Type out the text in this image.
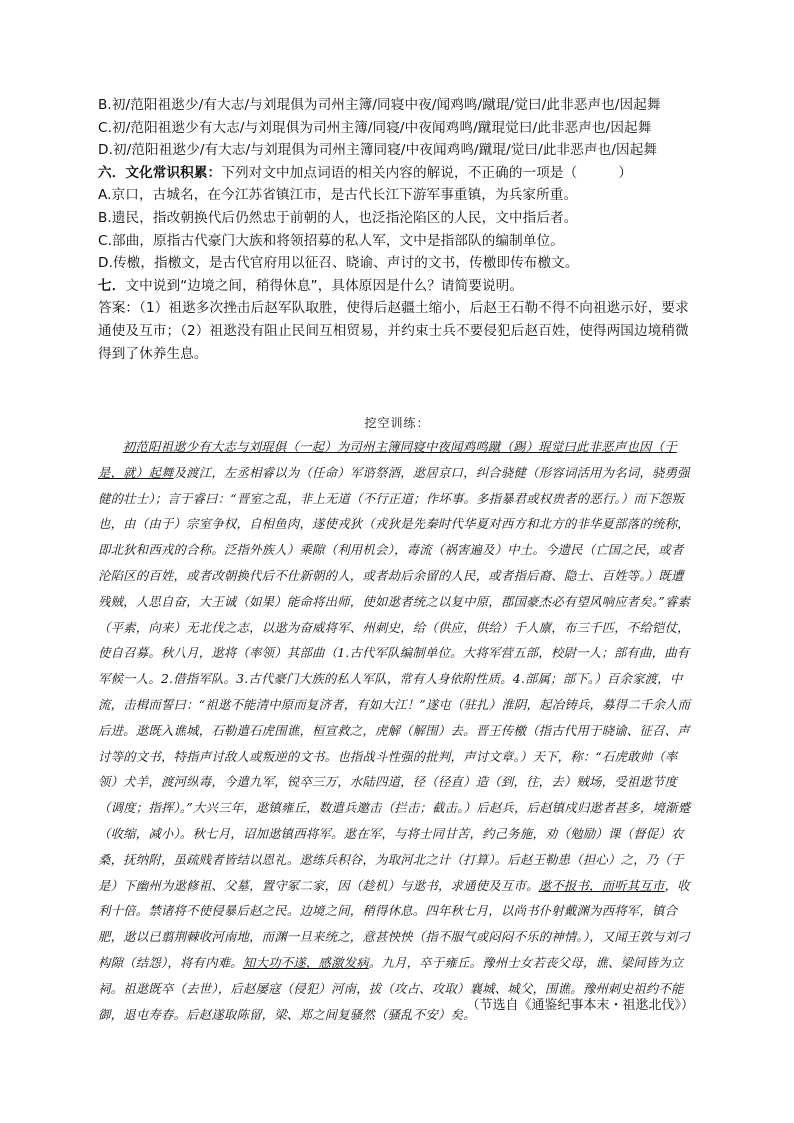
B.初/范阳祖逖少/有大志/与刘琨俱为司州主簿/同寝中夜/闻鸡鸣/蹴琨/觉曰/此非恶声也/因起舞

C.初/范阳祖逖少有大志/与刘琨俱为司州主簿/同寝/中夜闻鸡鸣/蹴琨觉曰/此非恶声也/因起舞

D.初/范阳祖逖少/有大志/与刘琨俱为司州主簿同寝/中夜闻鸡鸣/蹴琨/觉曰/此非恶声也/因起舞

六．文化常识积累：下列对文中加点词语的相关内容的解说，不正确的一项是（　　　）

A.京口，古城名，在今江苏省镇江市，是古代长江下游军事重镇，为兵家所重。

B.遗民，指改朝换代后仍然忠于前朝的人，也泛指沦陷区的人民，文中指后者。

C.部曲，原指古代豪门大族和将领招募的私人军，文中是指部队的编制单位。

D.传檄，指檄文，是古代官府用以征召、晓谕、声讨的文书，传檄即传布檄文。

七．文中说到“边境之间，稍得休息”，具体原因是什么？请简要说明。

答案：（1）祖逖多次挫击后赵军队取胜，使得后赵疆土缩小，后赵王石勒不得不向祖逖示好，要求通使及互市；（2）祖逖没有阻止民间互相贸易，并约束士兵不要侵犯后赵百姓，使得两国边境稍微得到了休养生息。

挖空训练：

初范阳祖逖少有大志与刘琨俱（一起）为司州主簿同寝中夜闻鸡鸣蹴（踢）琨觉曰此非恶声也因（于是，就）起舞及渡江，左丞相睿以为（任命）军谘祭酒，逖居京口，纠合骁健（形容词活用为名词，骁勇强健的壮士）；言于睿曰：“晋室之乱，非上无道（不行正道；作坏事。多指暴君或权贵者的恶行。）而下怨叛也，由（由于）宗室争权，自相鱼肉，遂使戎狄（戎狄是先秦时代华夏对西方和北方的非华夏部落的统称，即北狄和西戎的合称。泛指外族人）乘隙（利用机会），毒流（祸害遍及）中土。今遗民（亡国之民，或者沦陷区的百姓，或者改朝换代后不仕新朝的人，或者劫后余留的人民，或者指后裔、隐士、百姓等。）既遭残贼，人思自奋，大王诚（如果）能命将出师，使如逖者统之以复中原，郡国豪杰必有望风响应者矣。”睿素（平素，向来）无北伐之志，以逖为奋威将军、州刺史，给（供应，供给）千人廪，布三千匹，不给铠仗，使自召募。秋八月，逖将（率领）其部曲（1.古代军队编制单位。大将军营五部，校尉一人；部有曲，曲有军候一人。2.借指军队。3.古代豪门大族的私人军队，常有人身依附性质。4.部属；部下。）百余家渡，中流，击楫而誓曰：“祖逖不能清中原而复济者，有如大江！”遂屯（驻扎）淮阴，起冶铸兵，募得二千余人而后进。逖既入谯城，石勒遣石虎围谯，桓宣救之，虎解（解围）去。晋王传檄（指古代用于晓谕、征召、声讨等的文书，特指声讨敌人或叛逆的文书。也指战斗性强的批判，声讨文章。）天下，称：“石虎敢帅（率领）犬羊，渡河纵毒，今遣九军，锐卒三万，水陆四道，径（径直）造（到，往，去）贼场，受祖逖节度（调度；指挥）。”大兴三年，逖镇雍丘，数遣兵邀击（拦击；截击。）后赵兵，后赵镇戍归逖者甚多，境渐蹙（收缩，减小）。秋七月，诏加逖镇西将军。逖在军，与将士同甘苦，约己务施，劝（勉励）课（督促）农桑，抚纳附，虽疏贱者皆结以恩礼。逖练兵积谷，为取河北之计（打算）。后赵王勒患（担心）之，乃（于是）下幽州为逖修祖、父墓，置守冢二家，因（趁机）与逖书，求通使及互市。逖不报书，而听其互市，收利十倍。禁诸将不使侵暴后赵之民。边境之间，稍得休息。四年秋七月，以尚书仆射戴渊为西将军，镇合肥，逖以已翦荆棘收河南地，而渊一旦来统之，意甚怏怏（指不服气或闷闷不乐的神情。），又闻王敦与刘刁构隙（结怨），将有内难。知大功不遂，感激发病。九月，卒于雍丘。豫州士女若丧父母，谯、梁间皆为立祠。祖逖既卒（去世），后赵屡寇（侵犯）河南，拔（攻占、攻取）襄城、城父，围谯。豫州刺史祖约不能御，退屯寿春。后赵遂取陈留，梁、郑之间复骚然（骚乱不安）矣。

（节选自《通鉴纪事本末・祖逖北伐》）
